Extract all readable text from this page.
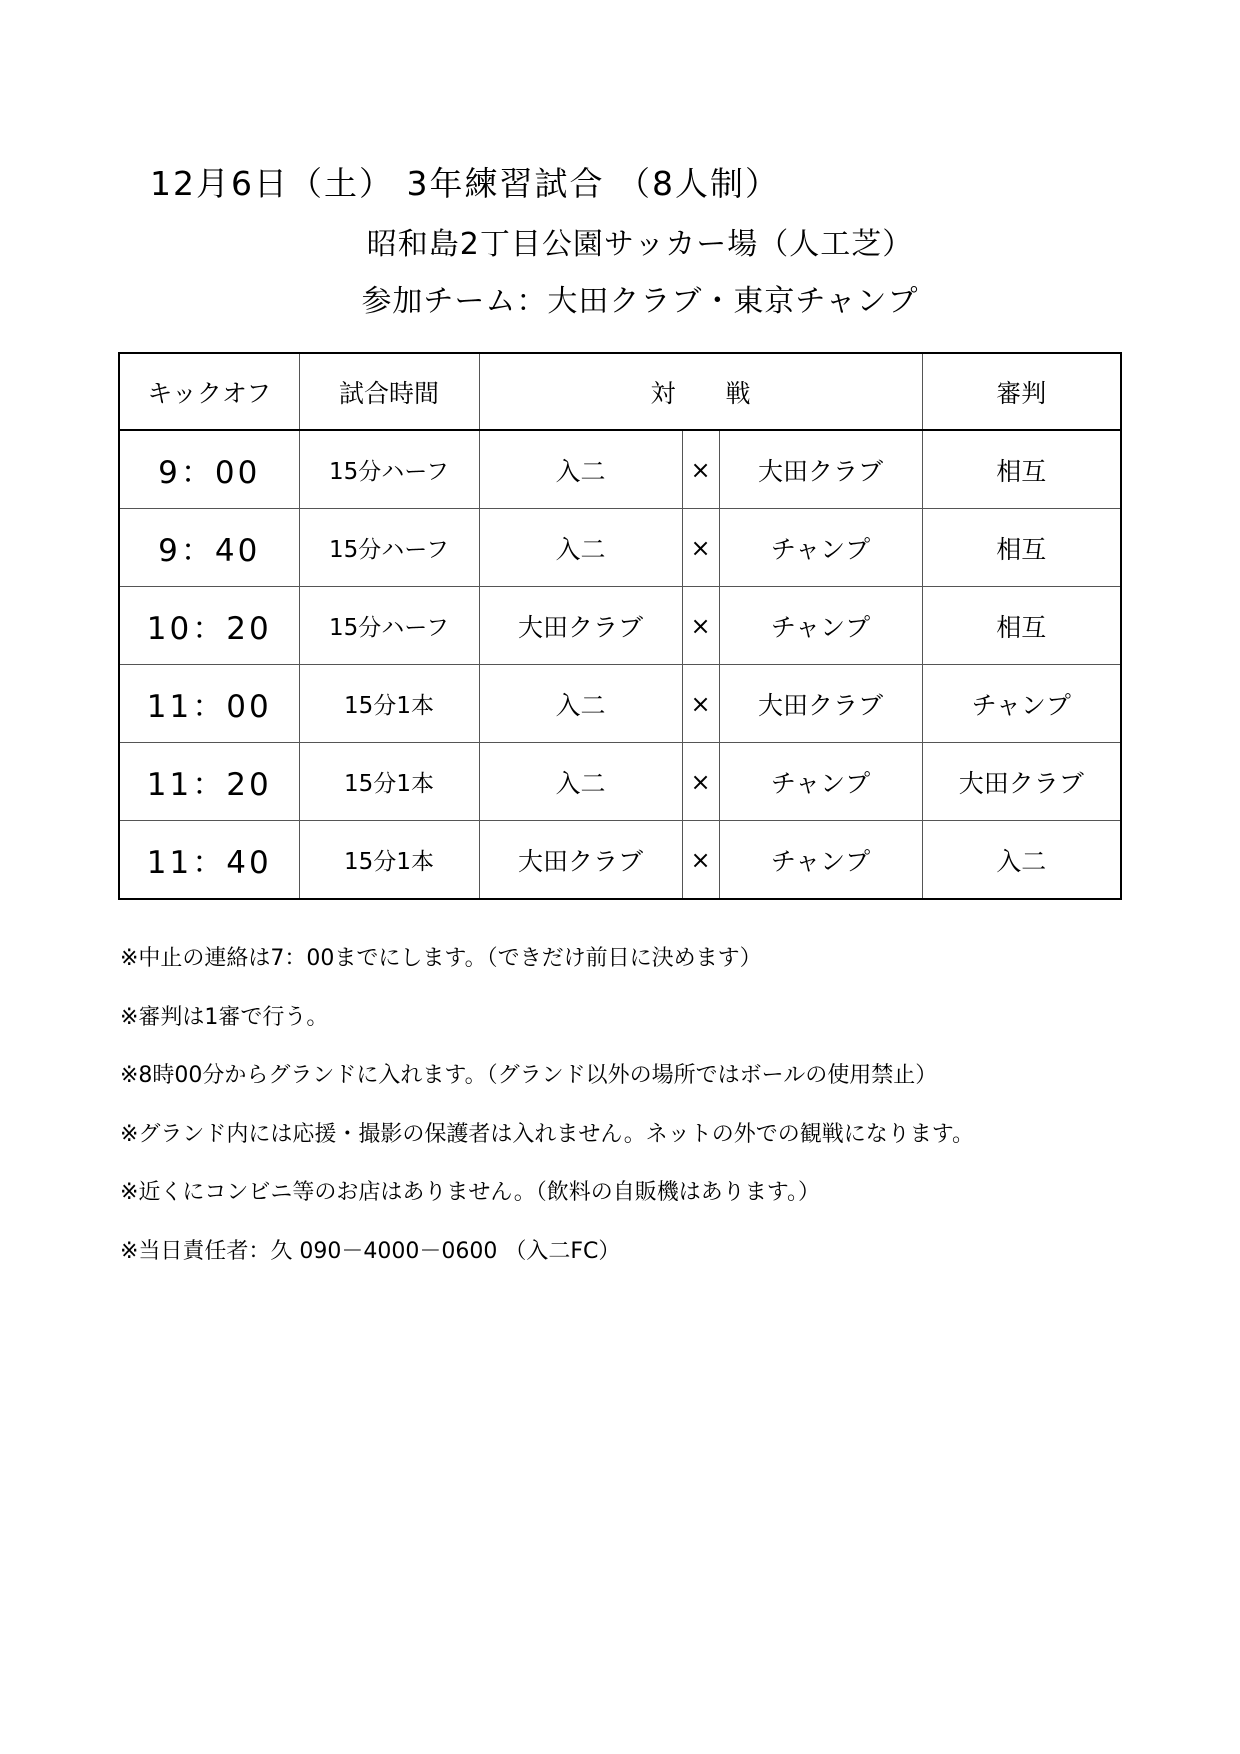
12月6日（土） 3年練習試合 （8人制）
昭和島2丁目公園サッカー場（人工芝）
参加チーム：大田クラブ・東京チャンプ
キックオフ	試合時間	対　　戦			審判
9：00	15分ハーフ	入二	×	大田クラブ	相互
9：40	15分ハーフ	入二	×	チャンプ	相互
10：20	15分ハーフ	大田クラブ	×	チャンプ	相互
11：00	15分1本	入二	×	大田クラブ	チャンプ
11：20	15分1本	入二	×	チャンプ	大田クラブ
11：40	15分1本	大田クラブ	×	チャンプ	入二
※中止の連絡は7：00までにします。（できだけ前日に決めます）
※審判は1審で行う。
※8時00分からグランドに入れます。（グランド以外の場所ではボールの使用禁止）
※グランド内には応援・撮影の保護者は入れません。ネットの外での観戦になります。
※近くにコンビニ等のお店はありません。（飲料の自販機はあります。）
※当日責任者：久 090－4000－0600 （入二FC）
